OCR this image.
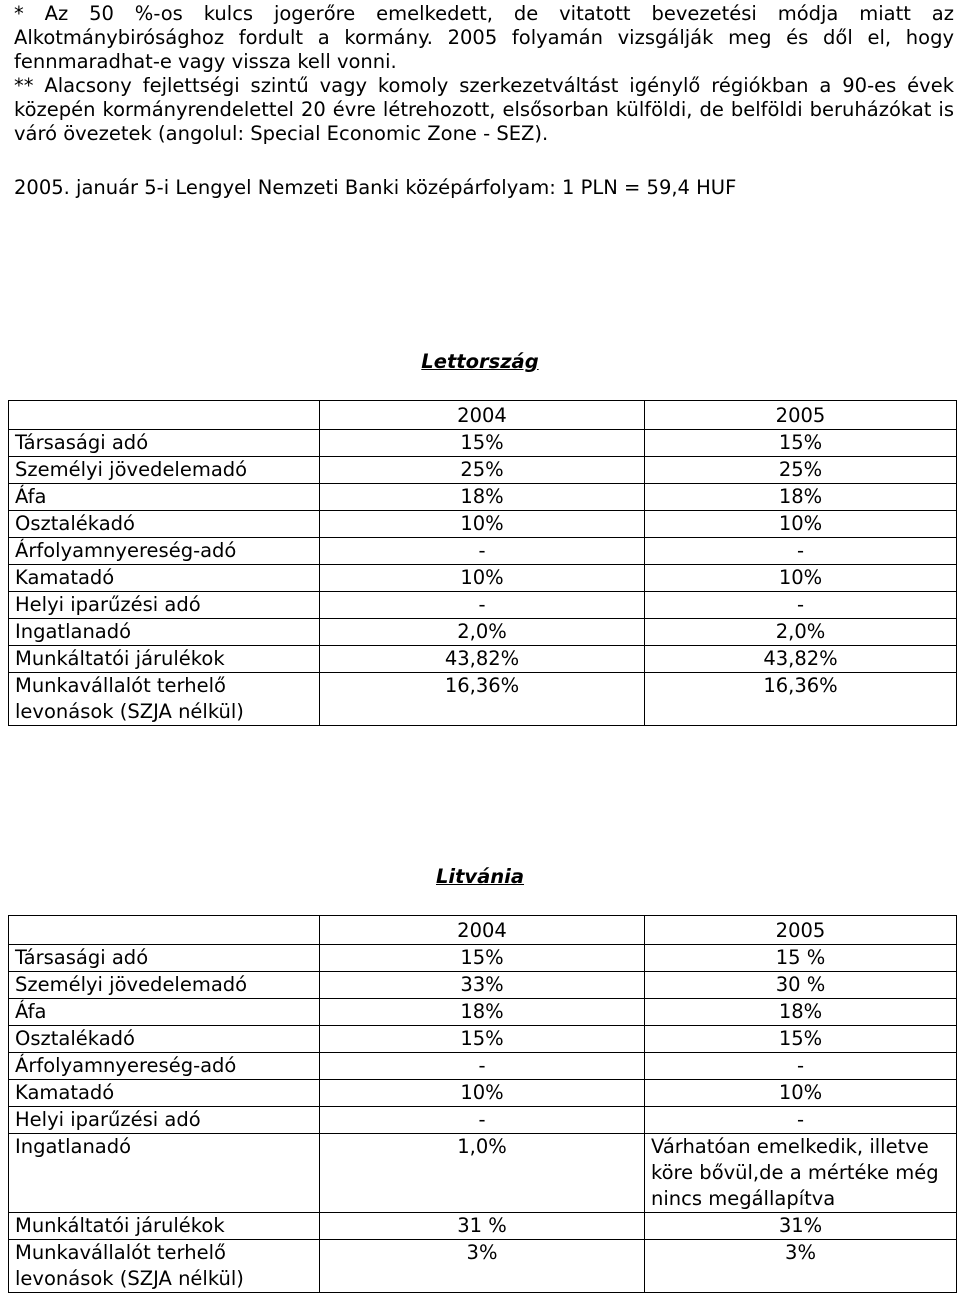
* Az 50 %-os kulcs jogerőre emelkedett, de vitatott bevezetési módja miatt az Alkotmánybirósághoz fordult a kormány. 2005 folyamán vizsgálják meg és dől el, hogy fennmaradhat-e vagy vissza kell vonni.

** Alacsony fejlettségi szintű vagy komoly szerkezetváltást igénylő régiókban a 90-es évek közepén kormányrendelettel 20 évre létrehozott, elsősorban külföldi, de belföldi beruházókat is váró övezetek (angolul: Special Economic Zone - SEZ).

2005. január 5-i Lengyel Nemzeti Banki középárfolyam: 1 PLN = 59,4 HUF
Lettország
	2004	2005
Társasági adó	15%	15%
Személyi jövedelemadó	25%	25%
Áfa	18%	18%
Osztalékadó	10%	10%
Árfolyamnyereség-adó	-	-
Kamatadó	10%	10%
Helyi iparűzési adó	-	-
Ingatlanadó	2,0%	2,0%
Munkáltatói járulékok	43,82%	43,82%
Munkavállalót terhelő levonások (SZJA nélkül)	16,36%	16,36%
Litvánia
	2004	2005
Társasági adó	15%	15 %
Személyi jövedelemadó	33%	30 %
Áfa	18%	18%
Osztalékadó	15%	15%
Árfolyamnyereség-adó	-	-
Kamatadó	10%	10%
Helyi iparűzési adó	-	-
Ingatlanadó	1,0%	Várhatóan emelkedik, illetve köre bővül,de a mértéke még nincs megállapítva
Munkáltatói járulékok	31 %	31%
Munkavállalót terhelő levonások (SZJA nélkül)	3%	3%
